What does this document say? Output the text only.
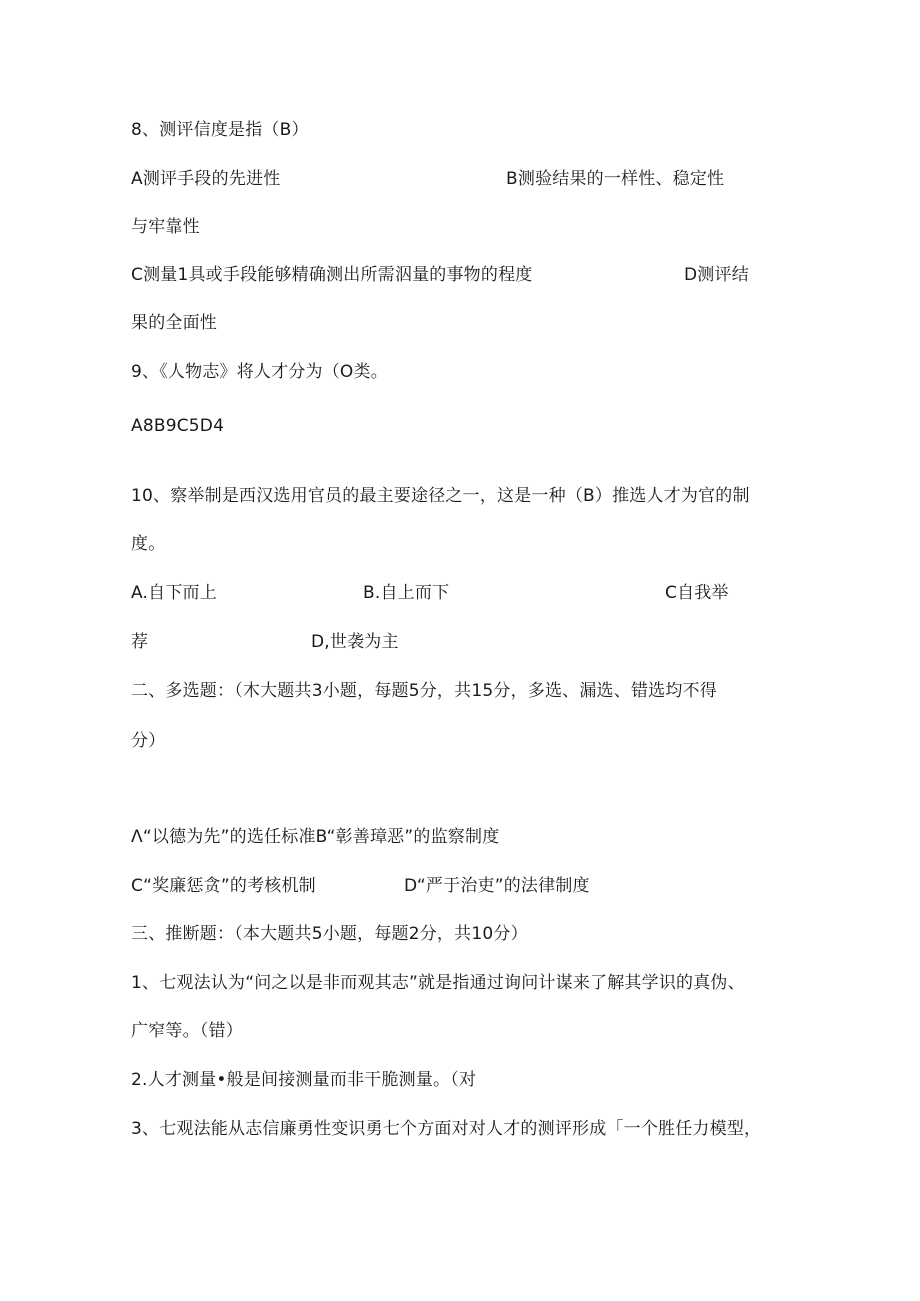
8、测评信度是指（B）
A测评手段的先进性	B测验结果的一样性、稳定性
与牢靠性
C测量1具或手段能够精确测出所需泅量的事物的程度	D测评结
果的全面性
9、《人物志》将人才分为（O类。
A8B9C5D4
10、察举制是西汉选用官员的最主要途径之一，这是一种（B）推选人才为官的制
度。
A.自下而上	B.自上而下	C自我举
荐	D,世袭为主
二、多选题：（木大题共3小题，每题5分，共15分，多选、漏选、错选均不得
分）
Λ“以德为先”的选任标准B“彰善璋恶”的监察制度
C“奖廉惩贪”的考核机制	D“严于治吏”的法律制度
三、推断题：（本大题共5小题，每题2分，共10分）
1、七观法认为“问之以是非而观其志”就是指通过询问计谋来了解其学识的真伪、
广窄等。（错）
2.人才测量•般是间接测量而非干脆测量。（对
3、七观法能从志信廉勇性变识勇七个方面对对人才的测评形成「一个胜任力模型，
